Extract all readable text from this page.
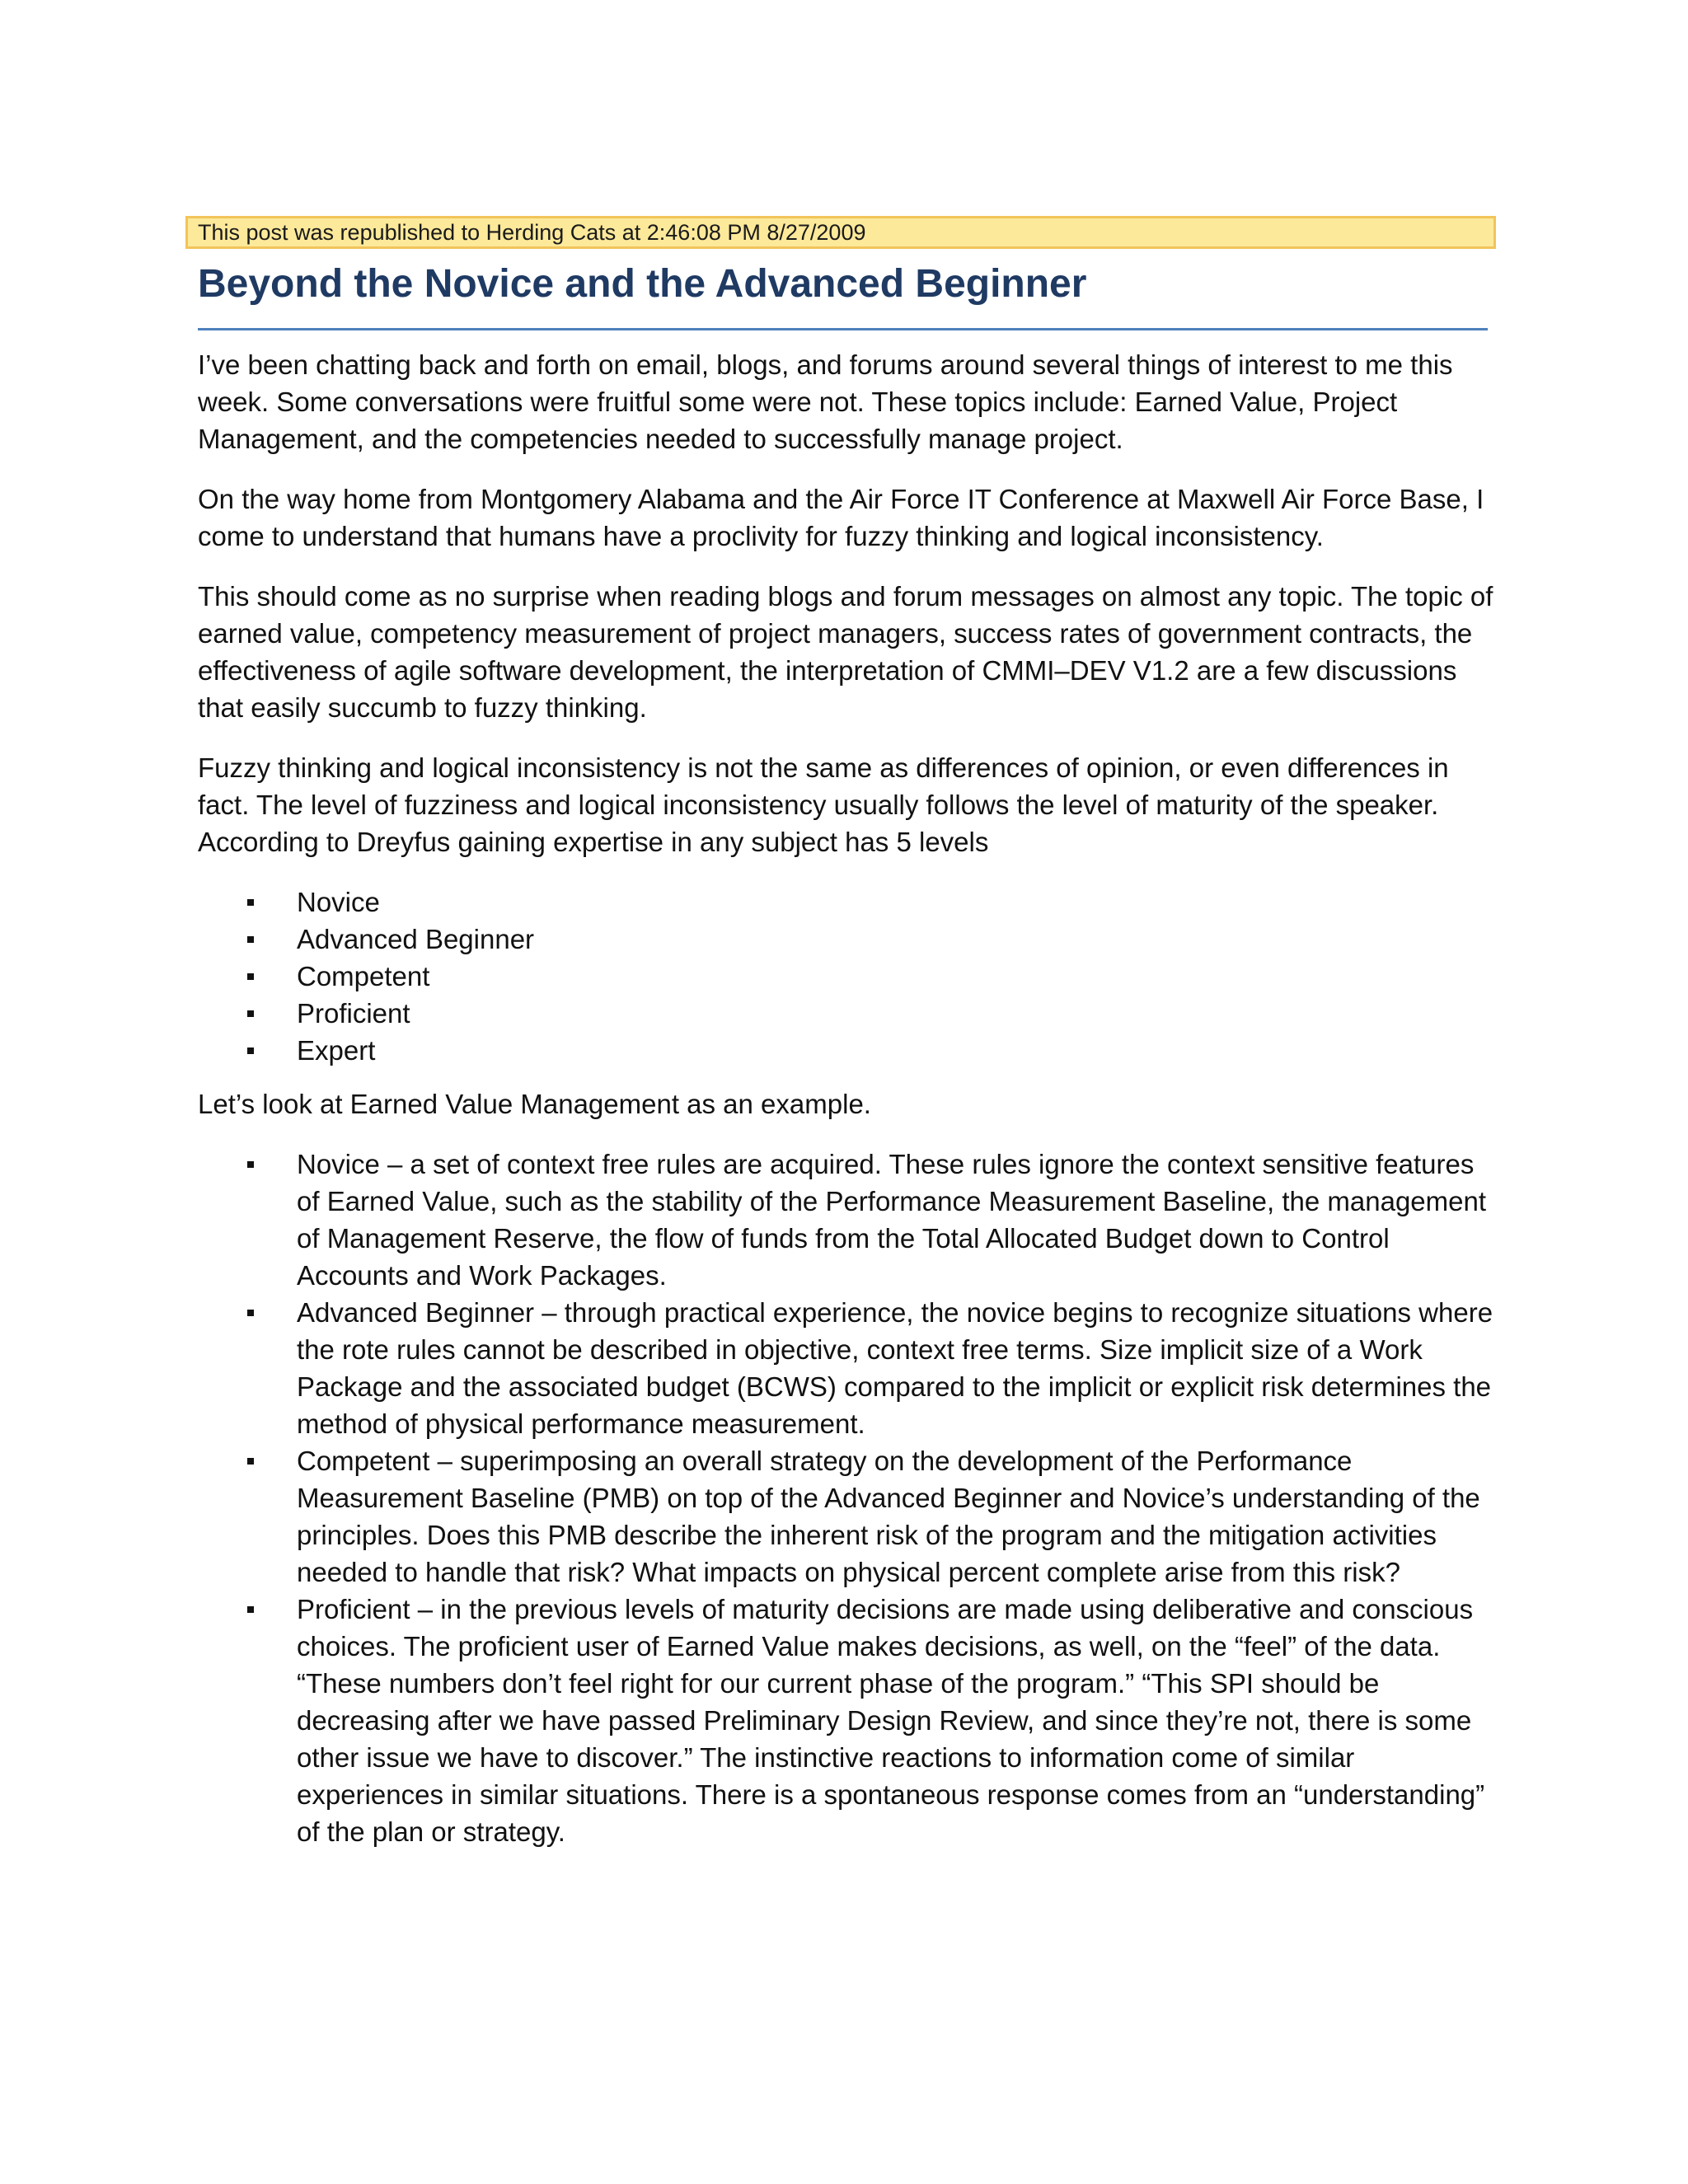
This post was republished to Herding Cats at 2:46:08 PM 8/27/2009
Beyond the Novice and the Advanced Beginner

I’ve been chatting back and forth on email, blogs, and forums around several things of interest to me this week. Some conversations were fruitful some were not. These topics include: Earned Value, Project Management, and the competencies needed to successfully manage project.

On the way home from Montgomery Alabama and the Air Force IT Conference at Maxwell Air Force Base, I come to understand that humans have a proclivity for fuzzy thinking and logical inconsistency.

This should come as no surprise when reading blogs and forum messages on almost any topic. The topic of earned value, competency measurement of project managers, success rates of government contracts, the effectiveness of agile software development, the interpretation of CMMI–DEV V1.2 are a few discussions that easily succumb to fuzzy thinking.

Fuzzy thinking and logical inconsistency is not the same as differences of opinion, or even differences in fact. The level of fuzziness and logical inconsistency usually follows the level of maturity of the speaker. According to Dreyfus gaining expertise in any subject has 5 levels

Novice
Advanced Beginner
Competent
Proficient
Expert

Let’s look at Earned Value Management as an example.

Novice – a set of context free rules are acquired. These rules ignore the context sensitive features of Earned Value, such as the stability of the Performance Measurement Baseline, the management of Management Reserve, the flow of funds from the Total Allocated Budget down to Control Accounts and Work Packages.
Advanced Beginner – through practical experience, the novice begins to recognize situations where the rote rules cannot be described in objective, context free terms. Size implicit size of a Work Package and the associated budget (BCWS) compared to the implicit or explicit risk determines the method of physical performance measurement.
Competent – superimposing an overall strategy on the development of the Performance Measurement Baseline (PMB) on top of the Advanced Beginner and Novice’s understanding of the principles. Does this PMB describe the inherent risk of the program and the mitigation activities needed to handle that risk? What impacts on physical percent complete arise from this risk?
Proficient – in the previous levels of maturity decisions are made using deliberative and conscious choices. The proficient user of Earned Value makes decisions, as well, on the “feel” of the data. “These numbers don’t feel right for our current phase of the program.” “This SPI should be decreasing after we have passed Preliminary Design Review, and since they’re not, there is some other issue we have to discover.” The instinctive reactions to information come of similar experiences in similar situations. There is a spontaneous response comes from an “understanding” of the plan or strategy.
